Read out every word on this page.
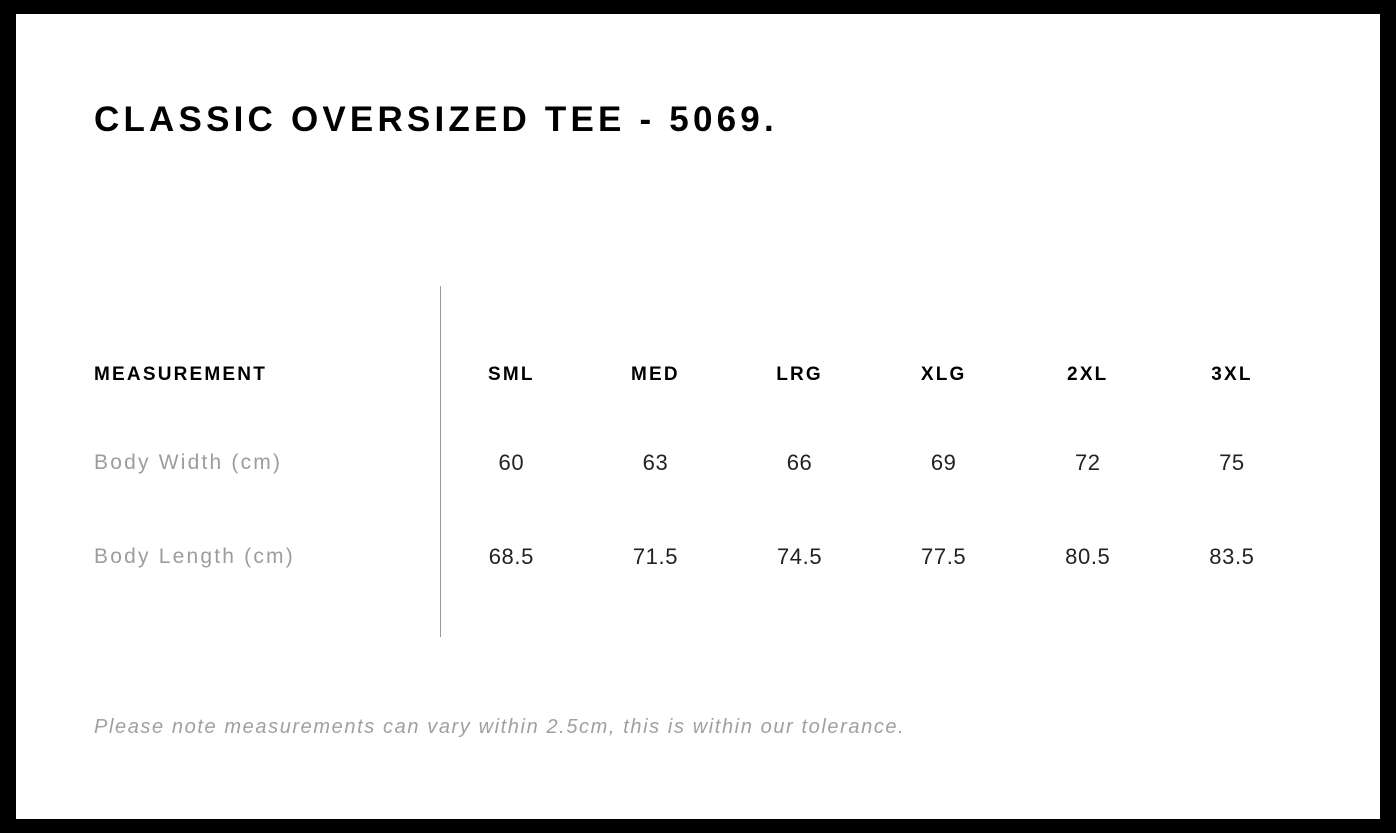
CLASSIC OVERSIZED TEE - 5069.
MEASUREMENT	SML	MED	LRG	XLG	2XL	3XL
Body Width (cm)	60	63	66	69	72	75
Body Length (cm)	68.5	71.5	74.5	77.5	80.5	83.5
Please note measurements can vary within 2.5cm, this is within our tolerance.
